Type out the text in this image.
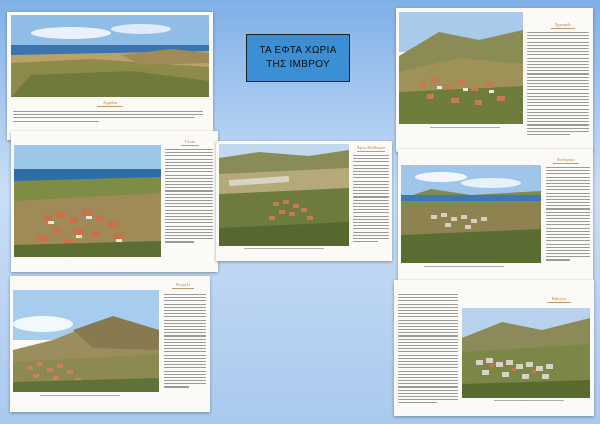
Αγρίδια
Γλυκί
·
Σχινούδι
·
Άγιοι Θεόδωροι
·
Ευλάμπιο
·
Ντερέλι
·
Κάστρο
·
ΤΑ ΕΦΤΑ ΧΩΡΙΑ
ΤΗΣ ΙΜΒΡΟΥ
